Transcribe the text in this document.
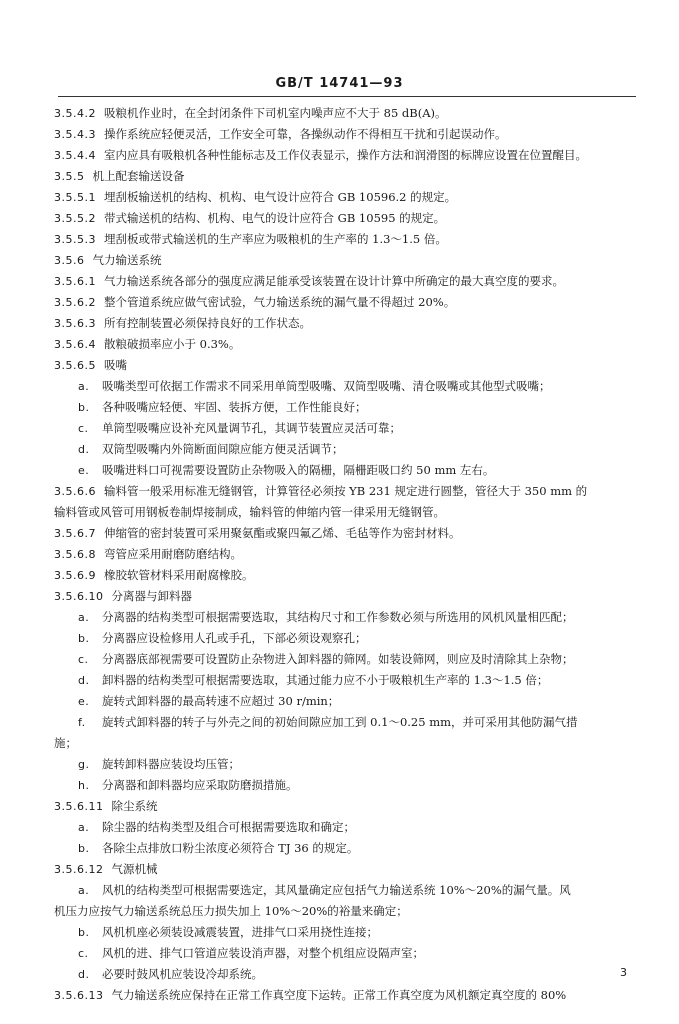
GB/T 14741—93
3.5.4.2 吸粮机作业时，在全封闭条件下司机室内噪声应不大于 85 dB(A)。
3.5.4.3 操作系统应轻便灵活，工作安全可靠，各操纵动作不得相互干扰和引起误动作。
3.5.4.4 室内应具有吸粮机各种性能标志及工作仪表显示，操作方法和润滑图的标牌应设置在位置醒目。
3.5.5 机上配套输送设备
3.5.5.1 埋刮板输送机的结构、机构、电气设计应符合 GB 10596.2 的规定。
3.5.5.2 带式输送机的结构、机构、电气的设计应符合 GB 10595 的规定。
3.5.5.3 埋刮板或带式输送机的生产率应为吸粮机的生产率的 1.3～1.5 倍。
3.5.6 气力输送系统
3.5.6.1 气力输送系统各部分的强度应满足能承受该装置在设计计算中所确定的最大真空度的要求。
3.5.6.2 整个管道系统应做气密试验，气力输送系统的漏气量不得超过 20%。
3.5.6.3 所有控制装置必须保持良好的工作状态。
3.5.6.4 散粮破损率应小于 0.3%。
3.5.6.5 吸嘴
a. 吸嘴类型可依据工作需求不同采用单筒型吸嘴、双筒型吸嘴、清仓吸嘴或其他型式吸嘴；
b. 各种吸嘴应轻便、牢固、装拆方便，工作性能良好；
c. 单筒型吸嘴应设补充风量调节孔，其调节装置应灵活可靠；
d. 双筒型吸嘴内外筒断面间隙应能方便灵活调节；
e. 吸嘴进料口可视需要设置防止杂物吸入的隔栅，隔栅距吸口约 50 mm 左右。
3.5.6.6 输料管一般采用标准无缝钢管，计算管径必须按 YB 231 规定进行圆整，管径大于 350 mm 的
输料管或风管可用钢板卷制焊接制成，输料管的伸缩内管一律采用无缝钢管。
3.5.6.7 伸缩管的密封装置可采用聚氨酯或聚四氟乙烯、毛毡等作为密封材料。
3.5.6.8 弯管应采用耐磨防磨结构。
3.5.6.9 橡胶软管材料采用耐腐橡胶。
3.5.6.10 分离器与卸料器
a. 分离器的结构类型可根据需要选取，其结构尺寸和工作参数必须与所选用的风机风量相匹配；
b. 分离器应设检修用人孔或手孔，下部必须设观察孔；
c. 分离器底部视需要可设置防止杂物进入卸料器的筛网。如装设筛网，则应及时清除其上杂物；
d. 卸料器的结构类型可根据需要选取，其通过能力应不小于吸粮机生产率的 1.3～1.5 倍；
e. 旋转式卸料器的最高转速不应超过 30 r/min；
f. 旋转式卸料器的转子与外壳之间的初始间隙应加工到 0.1～0.25 mm，并可采用其他防漏气措
施；
g. 旋转卸料器应装设均压管；
h. 分离器和卸料器均应采取防磨损措施。
3.5.6.11 除尘系统
a. 除尘器的结构类型及组合可根据需要选取和确定；
b. 各除尘点排放口粉尘浓度必须符合 TJ 36 的规定。
3.5.6.12 气源机械
a. 风机的结构类型可根据需要选定，其风量确定应包括气力输送系统 10%～20%的漏气量。风
机压力应按气力输送系统总压力损失加上 10%～20%的裕量来确定；
b. 风机机座必须装设减震装置，进排气口采用挠性连接；
c. 风机的进、排气口管道应装设消声器，对整个机组应设隔声室；
d. 必要时鼓风机应装设冷却系统。
3.5.6.13 气力输送系统应保持在正常工作真空度下运转。正常工作真空度为风机额定真空度的 80%
3
